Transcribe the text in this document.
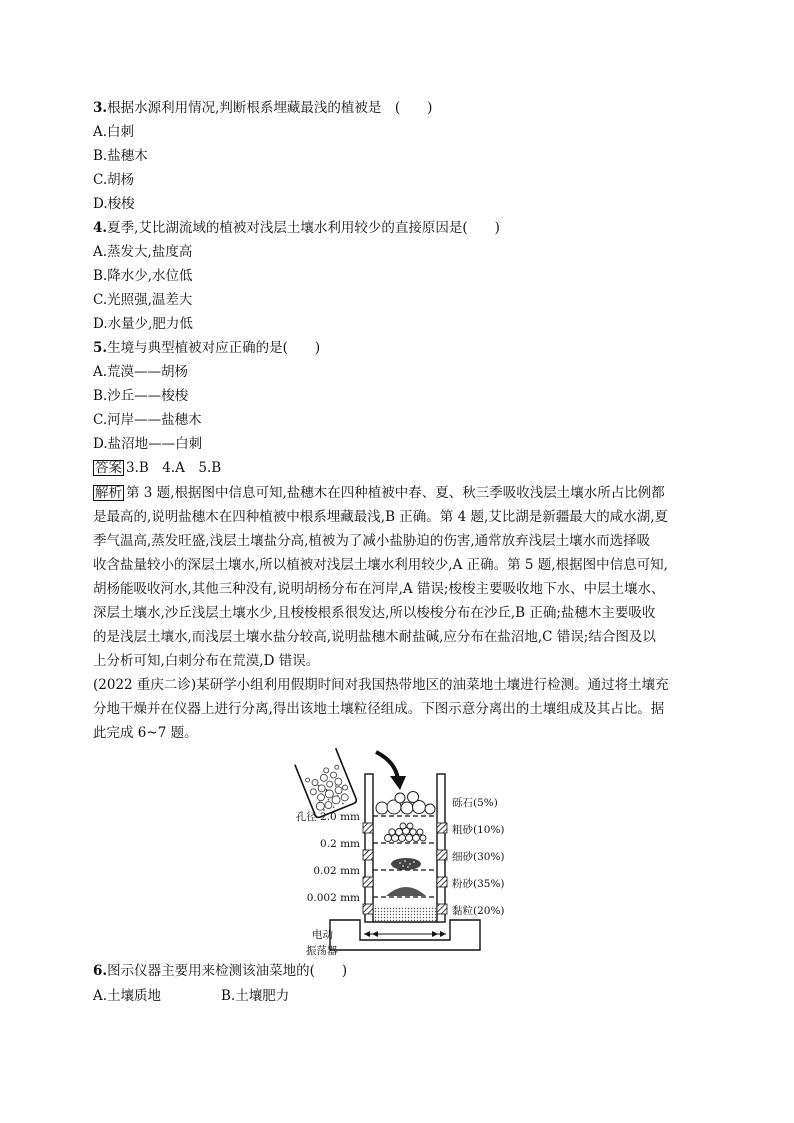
3.根据水源利用情况,判断根系埋藏最浅的植被是　(　　)
A.白刺
B.盐穗木
C.胡杨
D.梭梭
4.夏季,艾比湖流域的植被对浅层土壤水利用较少的直接原因是(　　)
A.蒸发大,盐度高
B.降水少,水位低
C.光照强,温差大
D.水量少,肥力低
5.生境与典型植被对应正确的是(　　)
A.荒漠——胡杨
B.沙丘——梭梭
C.河岸——盐穗木
D.盐沼地——白刺
答案 3.B　4.A　5.B
解析 第 3 题,根据图中信息可知,盐穗木在四种植被中春、夏、秋三季吸收浅层土壤水所占比例都
是最高的,说明盐穗木在四种植被中根系埋藏最浅,B 正确。第 4 题,艾比湖是新疆最大的咸水湖,夏
季气温高,蒸发旺盛,浅层土壤盐分高,植被为了减小盐胁迫的伤害,通常放弃浅层土壤水而选择吸
收含盐量较小的深层土壤水,所以植被对浅层土壤水利用较少,A 正确。第 5 题,根据图中信息可知,
胡杨能吸收河水,其他三种没有,说明胡杨分布在河岸,A 错误;梭梭主要吸收地下水、中层土壤水、
深层土壤水,沙丘浅层土壤水少,且梭梭根系很发达,所以梭梭分布在沙丘,B 正确;盐穗木主要吸收
的是浅层土壤水,而浅层土壤水盐分较高,说明盐穗木耐盐碱,应分布在盐沼地,C 错误;结合图及以
上分析可知,白刺分布在荒漠,D 错误。
(2022 重庆二诊)某研学小组利用假期时间对我国热带地区的油菜地土壤进行检测。通过将土壤充
分地干燥并在仪器上进行分离,得出该地土壤粒径组成。下图示意分离出的土壤组成及其占比。据
此完成 6~7 题。
孔径 2.0 mm
0.2 mm
0.02 mm
0.002 mm
砾石(5%)
粗砂(10%)
细砂(30%)
粉砂(35%)
黏粒(20%)
电动
振荡器
6.图示仪器主要用来检测该油菜地的(　　)
A.土壤质地	B.土壤肥力
